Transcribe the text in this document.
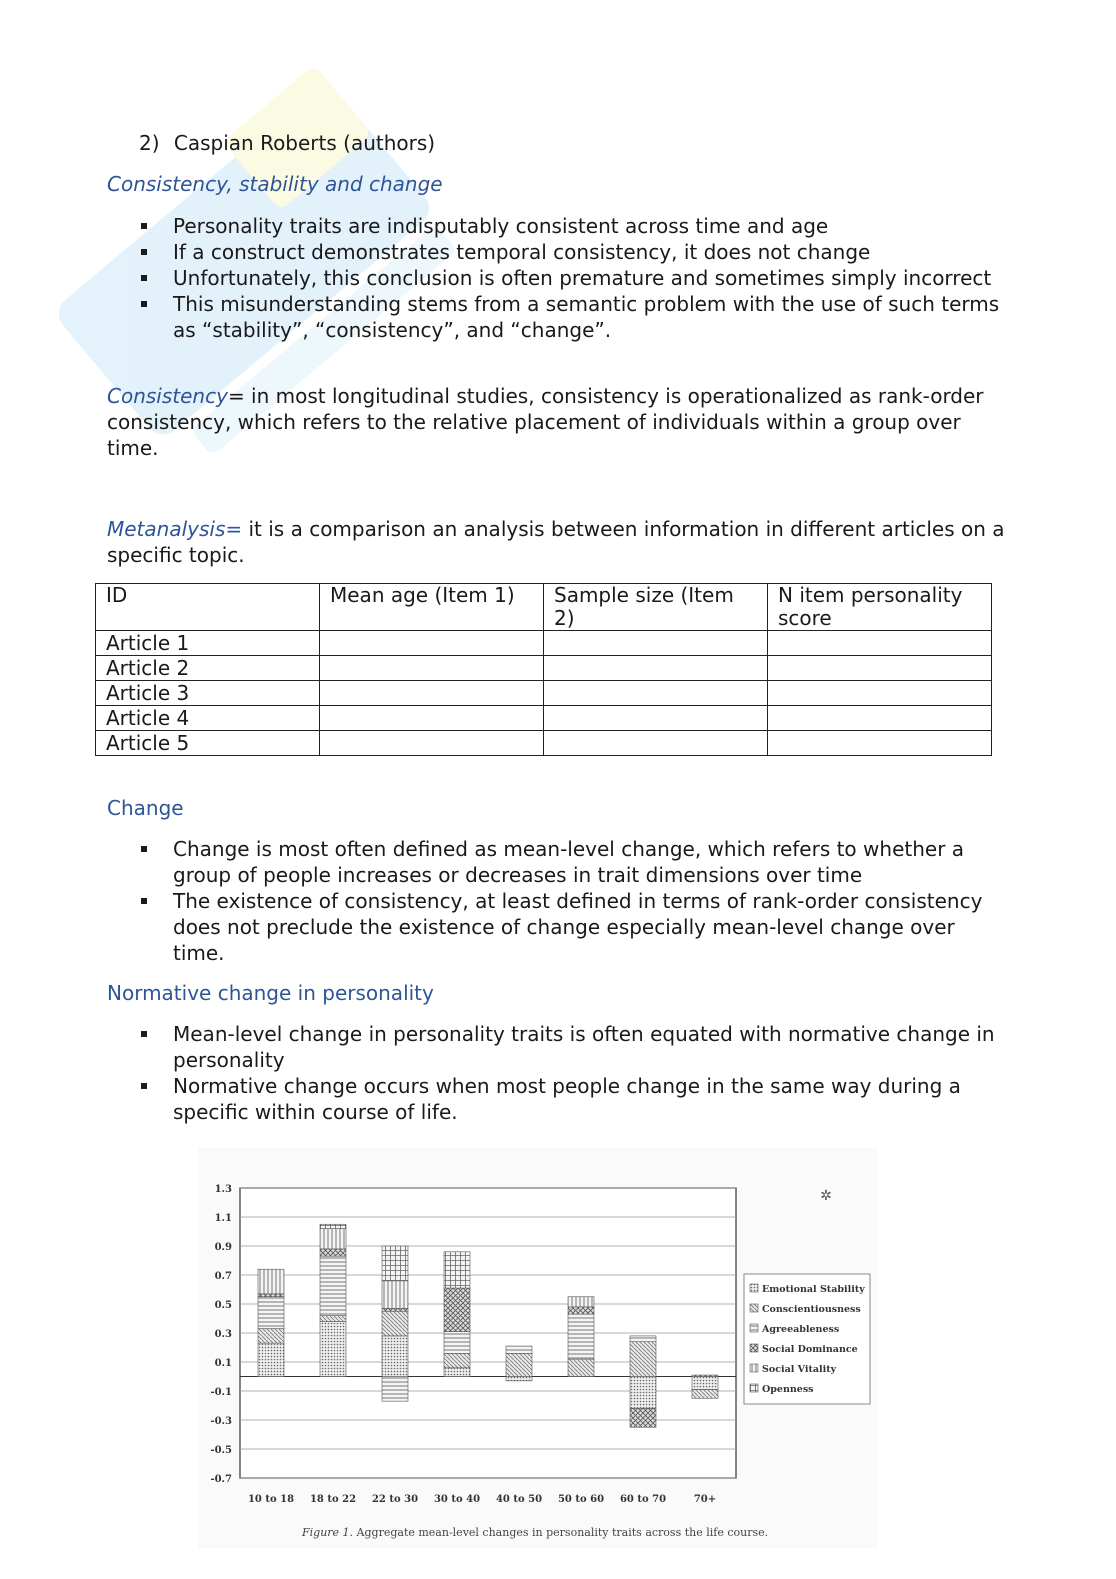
2) Caspian Roberts (authors)
Consistency, stability and change
Personality traits are indisputably consistent across time and age
If a construct demonstrates temporal consistency, it does not change
Unfortunately, this conclusion is often premature and sometimes simply incorrect
This misunderstanding stems from a semantic problem with the use of such terms as “stability”, “consistency”, and “change”.

Consistency= in most longitudinal studies, consistency is operationalized as rank-order consistency, which refers to the relative placement of individuals within a group over time.

Metanalysis= it is a comparison an analysis between information in different articles on a specific topic.

ID	Mean age (Item 1)	Sample size (Item 2)	N item personality score
Article 1			
Article 2			
Article 3			
Article 4			
Article 5			
Change
Change is most often defined as mean-level change, which refers to whether a group of people increases or decreases in trait dimensions over time
The existence of consistency, at least defined in terms of rank-order consistency does not preclude the existence of change especially mean-level change over time.
Normative change in personality
Mean-level change in personality traits is often equated with normative change in personality
Normative change occurs when most people change in the same way during a specific within course of life.
1.3
1.1
0.9
0.7
0.5
0.3
0.1
-0.1
-0.3
-0.5
-0.7
10 to 18 18 to 22 22 to 30 30 to 40 40 to 50 50 to 60 60 to 70	70+
Emotional Stability
Conscientiousness
Agreeableness
Social Dominance
Social Vitality
Openness
✲
Figure 1. Aggregate mean-level changes in personality traits across the life course.
